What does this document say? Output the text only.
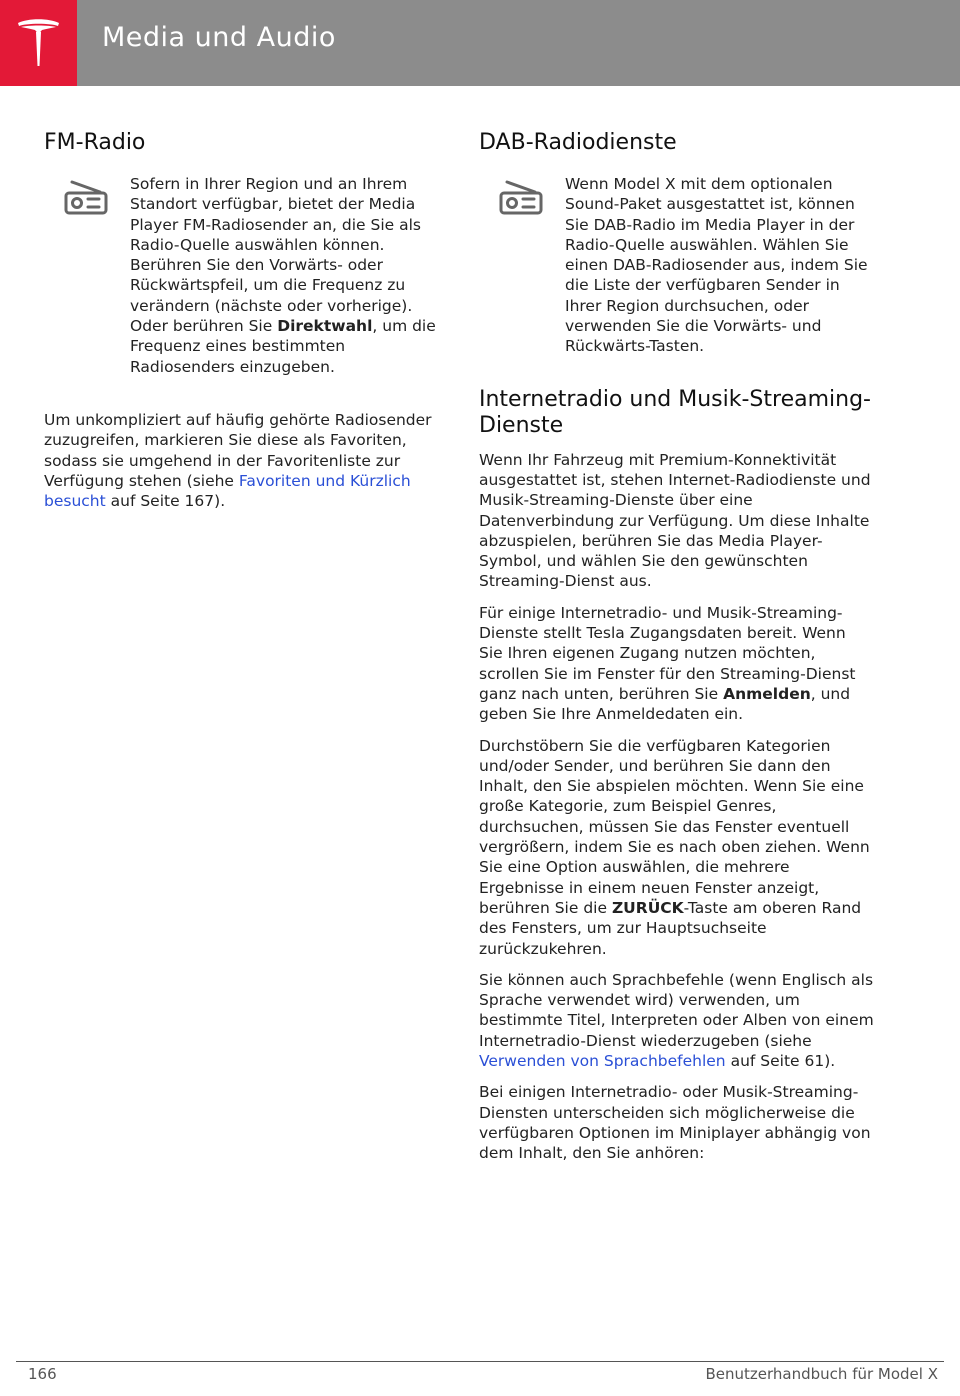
Media und Audio
FM-Radio
Sofern in Ihrer Region und an Ihrem Standort verfügbar, bietet der Media Player FM-Radiosender an, die Sie als Radio-Quelle auswählen können. Berühren Sie den Vorwärts- oder Rückwärtspfeil, um die Frequenz zu verändern (nächste oder vorherige). Oder berühren Sie Direktwahl, um die Frequenz eines bestimmten Radiosenders einzugeben.

Um unkompliziert auf häufig gehörte Radiosender zuzugreifen, markieren Sie diese als Favoriten, sodass sie umgehend in der Favoritenliste zur Verfügung stehen (siehe Favoriten und Kürzlich besucht auf Seite 167).

DAB-Radiodienste
Wenn Model X mit dem optionalen Sound-Paket ausgestattet ist, können Sie DAB-Radio im Media Player in der Radio-Quelle auswählen. Wählen Sie einen DAB-Radiosender aus, indem Sie die Liste der verfügbaren Sender in Ihrer Region durchsuchen, oder verwenden Sie die Vorwärts- und Rückwärts-Tasten.
Internetradio und Musik-Streaming-Dienste

Wenn Ihr Fahrzeug mit Premium-Konnektivität ausgestattet ist, stehen Internet-Radiodienste und Musik-Streaming-Dienste über eine Datenverbindung zur Verfügung. Um diese Inhalte abzuspielen, berühren Sie das Media Player-Symbol, und wählen Sie den gewünschten Streaming-Dienst aus.

Für einige Internetradio- und Musik-Streaming-Dienste stellt Tesla Zugangsdaten bereit. Wenn Sie Ihren eigenen Zugang nutzen möchten, scrollen Sie im Fenster für den Streaming-Dienst ganz nach unten, berühren Sie Anmelden, und geben Sie Ihre Anmeldedaten ein.

Durchstöbern Sie die verfügbaren Kategorien und/oder Sender, und berühren Sie dann den Inhalt, den Sie abspielen möchten. Wenn Sie eine große Kategorie, zum Beispiel Genres, durchsuchen, müssen Sie das Fenster eventuell vergrößern, indem Sie es nach oben ziehen. Wenn Sie eine Option auswählen, die mehrere Ergebnisse in einem neuen Fenster anzeigt, berühren Sie die ZURÜCK-Taste am oberen Rand des Fensters, um zur Hauptsuchseite zurückzukehren.

Sie können auch Sprachbefehle (wenn Englisch als Sprache verwendet wird) verwenden, um bestimmte Titel, Interpreten oder Alben von einem Internetradio-Dienst wiederzugeben (siehe Verwenden von Sprachbefehlen auf Seite 61).

Bei einigen Internetradio- oder Musik-Streaming-Diensten unterscheiden sich möglicherweise die verfügbaren Optionen im Miniplayer abhängig von dem Inhalt, den Sie anhören:

166	Benutzerhandbuch für Model X
